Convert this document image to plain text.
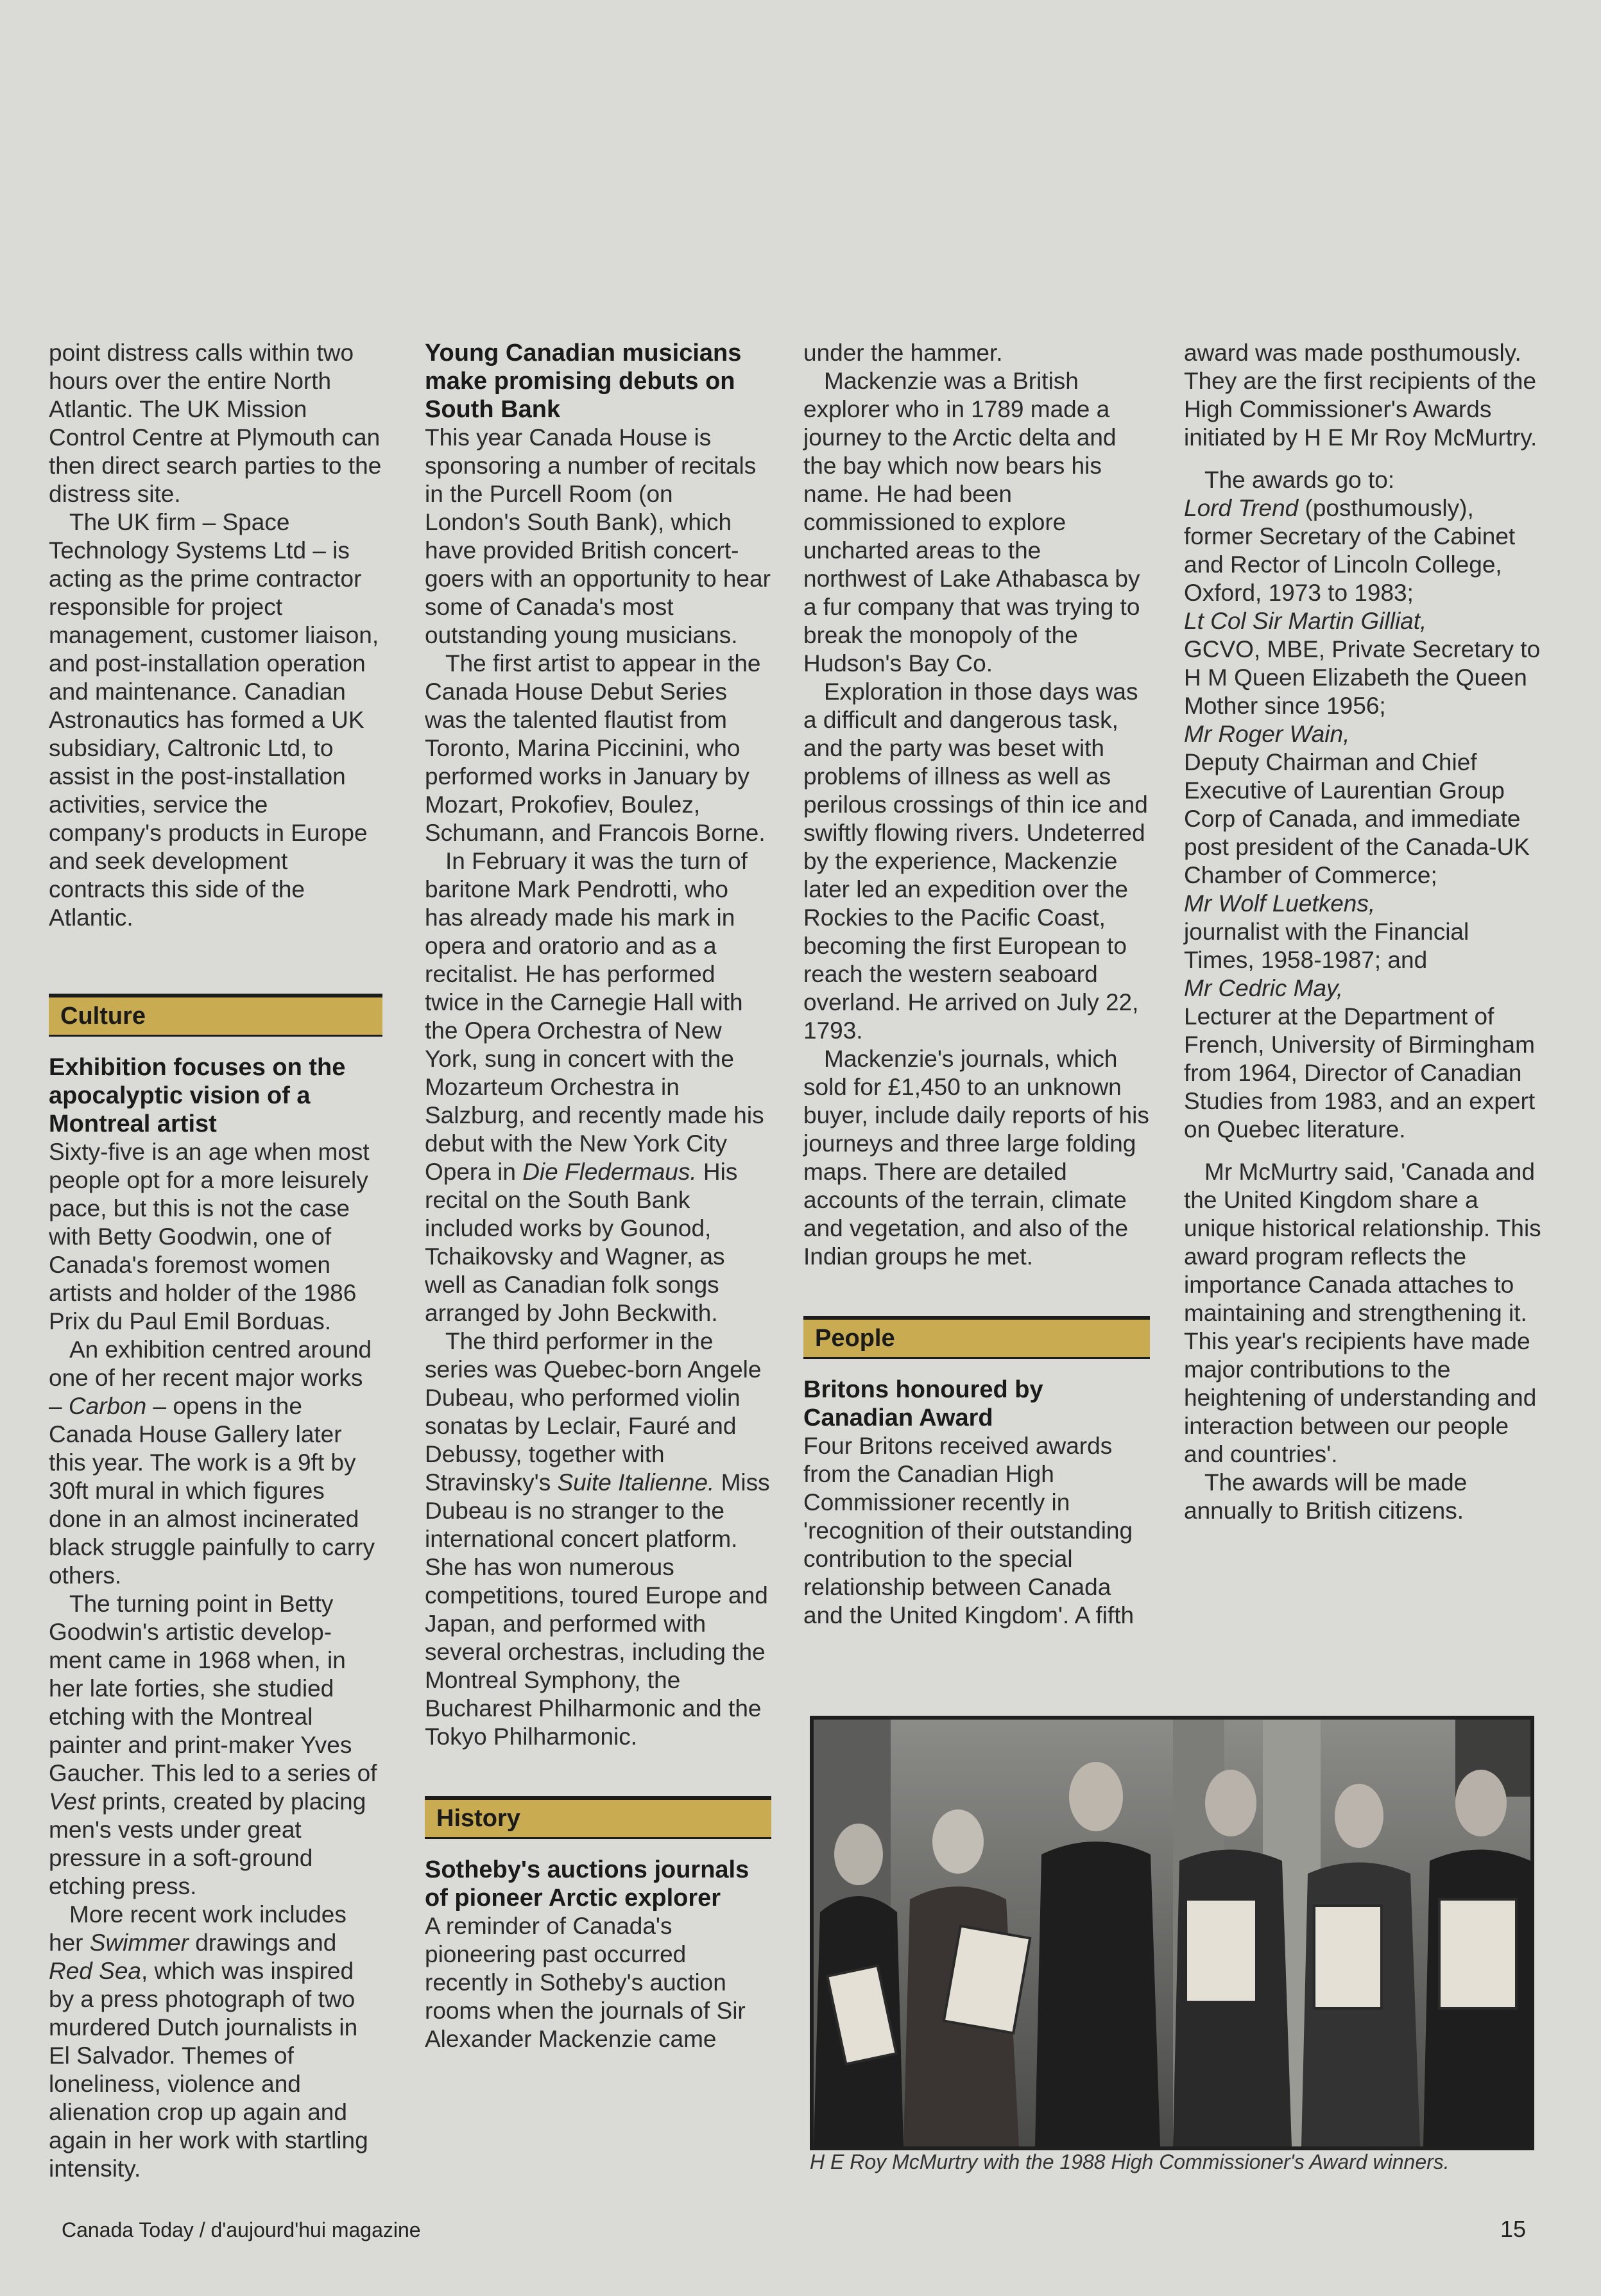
point distress calls within two hours over the entire North Atlantic. The UK Mission Control Centre at Plymouth can then direct search parties to the distress site.

The UK firm – Space Technology Systems Ltd – is acting as the prime contractor responsible for project management, customer liaison, and post-installation operation and maintenance. Canadian Astronautics has formed a UK subsidiary, Caltronic Ltd, to assist in the post-installation activities, service the company's products in Europe and seek development contracts this side of the Atlantic.

Culture

Exhibition focuses on the apocalyptic vision of a Montreal artist

Sixty-five is an age when most people opt for a more leisurely pace, but this is not the case with Betty Goodwin, one of Canada's foremost women artists and holder of the 1986 Prix du Paul Emil Borduas.

An exhibition centred around one of her recent major works – Carbon – opens in the Canada House Gallery later this year. The work is a 9ft by 30ft mural in which figures done in an almost incinerated black struggle painfully to carry others.

The turning point in Betty Goodwin's artistic develop-ment came in 1968 when, in her late forties, she studied etching with the Montreal painter and print-maker Yves Gaucher. This led to a series of Vest prints, created by placing men's vests under great pressure in a soft-ground etching press.

More recent work includes her Swimmer drawings and Red Sea, which was inspired by a press photograph of two murdered Dutch journalists in El Salvador. Themes of loneliness, violence and alienation crop up again and again in her work with startling intensity.

Young Canadian musicians make promising debuts on South Bank

This year Canada House is sponsoring a number of recitals in the Purcell Room (on London's South Bank), which have provided British concert-goers with an opportunity to hear some of Canada's most outstanding young musicians.

The first artist to appear in the Canada House Debut Series was the talented flautist from Toronto, Marina Piccinini, who performed works in January by Mozart, Prokofiev, Boulez, Schumann, and Francois Borne.

In February it was the turn of baritone Mark Pendrotti, who has already made his mark in opera and oratorio and as a recitalist. He has performed twice in the Carnegie Hall with the Opera Orchestra of New York, sung in concert with the Mozarteum Orchestra in Salzburg, and recently made his debut with the New York City Opera in Die Fledermaus. His recital on the South Bank included works by Gounod, Tchaikovsky and Wagner, as well as Canadian folk songs arranged by John Beckwith.

The third performer in the series was Quebec-born Angele Dubeau, who performed violin sonatas by Leclair, Fauré and Debussy, together with Stravinsky's Suite Italienne. Miss Dubeau is no stranger to the international concert platform. She has won numerous competitions, toured Europe and Japan, and performed with several orchestras, including the Montreal Symphony, the Bucharest Philharmonic and the Tokyo Philharmonic.

History

Sotheby's auctions journals of pioneer Arctic explorer

A reminder of Canada's pioneering past occurred recently in Sotheby's auction rooms when the journals of Sir Alexander Mackenzie came

under the hammer.

Mackenzie was a British explorer who in 1789 made a journey to the Arctic delta and the bay which now bears his name. He had been commissioned to explore uncharted areas to the northwest of Lake Athabasca by a fur company that was trying to break the monopoly of the Hudson's Bay Co.

Exploration in those days was a difficult and dangerous task, and the party was beset with problems of illness as well as perilous crossings of thin ice and swiftly flowing rivers. Undeterred by the experience, Mackenzie later led an expedition over the Rockies to the Pacific Coast, becoming the first European to reach the western seaboard overland. He arrived on July 22, 1793.

Mackenzie's journals, which sold for £1,450 to an unknown buyer, include daily reports of his journeys and three large folding maps. There are detailed accounts of the terrain, climate and vegetation, and also of the Indian groups he met.

People

Britons honoured by Canadian Award

Four Britons received awards from the Canadian High Commissioner recently in 'recognition of their outstanding contribution to the special relationship between Canada and the United Kingdom'. A fifth

award was made posthumously. They are the first recipients of the High Commissioner's Awards initiated by H E Mr Roy McMurtry.

The awards go to:

Lord Trend (posthumously), former Secretary of the Cabinet and Rector of Lincoln College, Oxford, 1973 to 1983;

Lt Col Sir Martin Gilliat,

GCVO, MBE, Private Secretary to H M Queen Elizabeth the Queen Mother since 1956;

Mr Roger Wain,

Deputy Chairman and Chief Executive of Laurentian Group Corp of Canada, and immediate post president of the Canada-UK Chamber of Commerce;

Mr Wolf Luetkens,

journalist with the Financial Times, 1958-1987; and

Mr Cedric May,

Lecturer at the Department of French, University of Birmingham from 1964, Director of Canadian Studies from 1983, and an expert on Quebec literature.

Mr McMurtry said, 'Canada and the United Kingdom share a unique historical relationship. This award program reflects the importance Canada attaches to maintaining and strengthening it. This year's recipients have made major contributions to the heightening of understanding and interaction between our people and countries'.

The awards will be made annually to British citizens.

H E Roy McMurtry with the 1988 High Commissioner's Award winners.
Canada Today / d'aujourd'hui magazine	15
